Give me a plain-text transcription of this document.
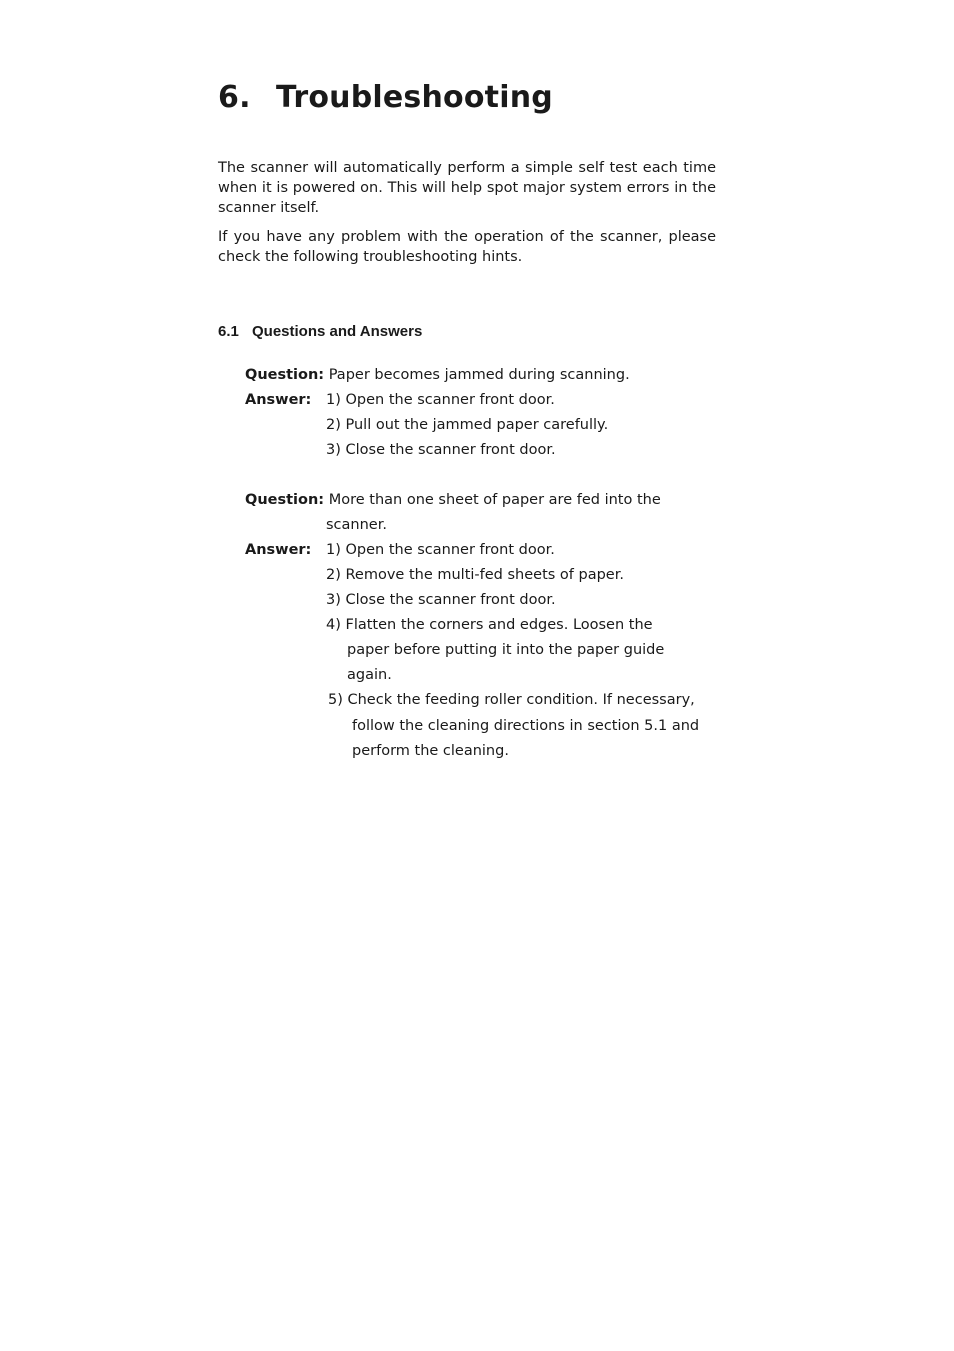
6. Troubleshooting

The scanner will automatically perform a simple self test each time when it is powered on. This will help spot major system errors in the scanner itself.

If you have any problem with the operation of the scanner, please check the following troubleshooting hints.

6.1 Questions and Answers
Question: Paper becomes jammed during scanning.
Answer: 1) Open the scanner front door.
2) Pull out the jammed paper carefully.
3) Close the scanner front door.
Question: More than one sheet of paper are fed into the
scanner.
Answer: 1) Open the scanner front door.
2) Remove the multi-fed sheets of paper.
3) Close the scanner front door.
4) Flatten the corners and edges. Loosen the
paper before putting it into the paper guide
again.
5) Check the feeding roller condition. If necessary,
follow the cleaning directions in section 5.1 and
perform the cleaning.
